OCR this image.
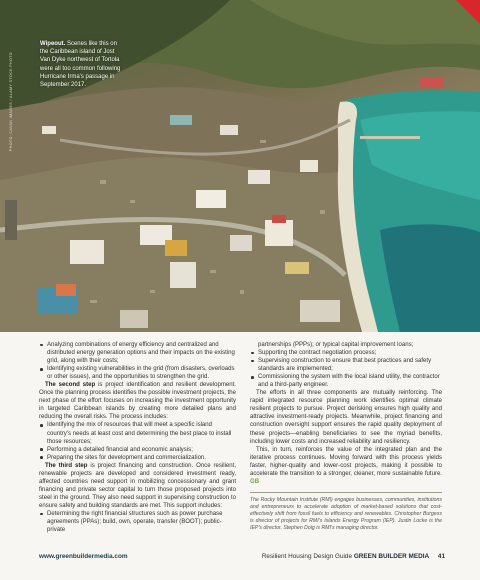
PHOTO: CAVAN IMAGES / ALAMY STOCK PHOTO
Wipeout. Scenes like this on the Caribbean island of Jost Van Dyke northwest of Tortola were all too common following Hurricane Irma's passage in September 2017.
Analyzing combinations of energy efficiency and centralized and distributed energy generation options and their impacts on the existing grid, along with their costs;
Identifying existing vulnerabilities in the grid (from disasters, overloads or other issues), and the opportunities to strengthen the grid.

The second step is project identification and resilient development. Once the planning process identifies the possible investment projects, the next phase of the effort focuses on increasing the investment opportunity in targeted Caribbean islands by creating more detailed plans and reducing the overall risks. The process includes:

Identifying the mix of resources that will meet a specific island country's needs at least cost and determining the best place to install those resources;
Performing a detailed financial and economic analysis;
Preparing the sites for development and commercialization.

The third step is project financing and construction. Once resilient, renewable projects are developed and considered investment ready, affected countries need support in mobilizing concessionary and grant financing and private sector capital to turn those proposed projects into steel in the ground. They also need support in supervising construction to ensure safety and building standards are met. This support includes:

Determining the right financial structures such as power purchase agreements (PPAs); build, own, operate, transfer (BOOT); public-private

partnerships (PPPs); or typical capital improvement loans;

Supporting the contract negotiation process;
Supervising construction to ensure that best practices and safety standards are implemented;
Commissioning the system with the local island utility, the contractor and a third-party engineer.

The efforts in all three components are mutually reinforcing. The rapid integrated resource planning work identifies optimal climate resilient projects to pursue. Project derisking ensures high quality and attractive investment-ready projects. Meanwhile, project financing and construction oversight support ensures the rapid quality deployment of these projects—enabling beneficiaries to see the myriad benefits, including lower costs and increased reliability and resiliency.

This, in turn, reinforces the value of the integrated plan and the iterative process continues. Moving forward with this process yields faster, higher-quality and lower-cost projects, making it possible to accelerate the transition to a stronger, cleaner, more sustainable future. GB

The Rocky Mountain Institute (RMI) engages businesses, communities, institutions and entrepreneurs to accelerate adoption of market-based solutions that cost-effectively shift from fossil fuels to efficiency and renewables. Christopher Burgess is director of projects for RMI's Islands Energy Program (IEP). Justin Locke is the IEP's director. Stephen Doig is RMI's managing director.

www.greenbuildermedia.com	Resilient Housing Design Guide GREEN BUILDER MEDIA 41
